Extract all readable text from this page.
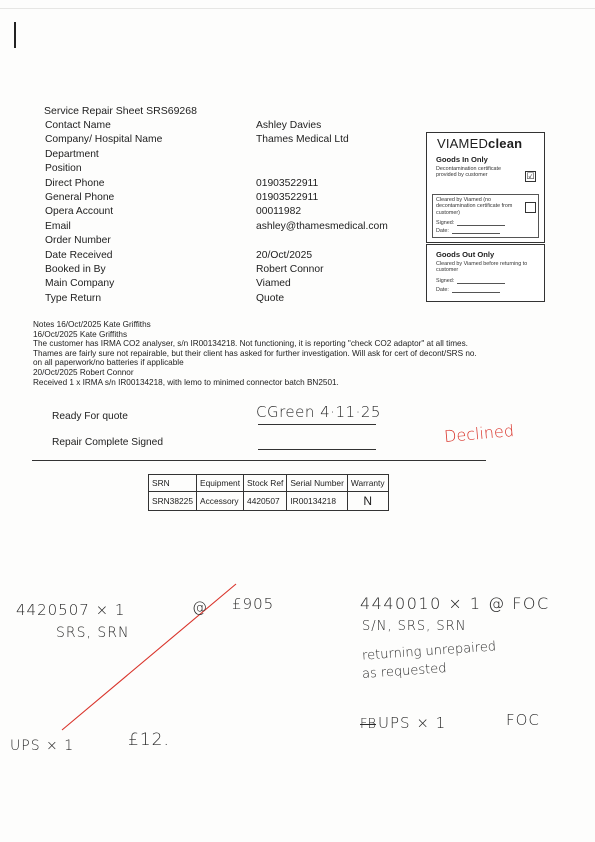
Service Repair Sheet SRS69268
Contact Name	Ashley Davies
Company/ Hospital Name	Thames Medical Ltd
Department
Position
Direct Phone	01903522911
General Phone	01903522911
Opera Account	00011982
Email	ashley@thamesmedical.com
Order Number
Date Received	20/Oct/2025
Booked in By	Robert Connor
Main Company	Viamed
Type Return	Quote
VIAMEDclean
Goods In Only
Decontamination certificate provided by customer	☑
Cleared by Viamed (no decontamination certificate from customer)
Signed:
Date:
Goods Out Only
Cleared by Viamed before returning to customer
Signed:
Date:
Notes 16/Oct/2025 Kate Griffiths
16/Oct/2025 Kate Griffiths
The customer has IRMA CO2 analyser, s/n IR00134218. Not functioning, it is reporting "check CO2 adaptor" at all times.
Thames are fairly sure not repairable, but their client has asked for further investigation. Will ask for cert of decont/SRS no.
on all paperwork/no batteries if applicable
20/Oct/2025 Robert Connor
Received 1 x IRMA s/n IR00134218, with lemo to minimed connector batch BN2501.
Ready For quote	CGreen 4·11·25
Repair Complete Signed	Declined
SRN	Equipment	Stock Ref	Serial Number	Warranty
SRN38225	Accessory	4420507	IR00134218	N
4420507 × 1	@ £905
SRS, SRN
UPS × 1	£12.
4440010 × 1 @ FOC
S/N, SRS, SRN
returning unrepaired
as requested
FB UPS × 1	FOC
